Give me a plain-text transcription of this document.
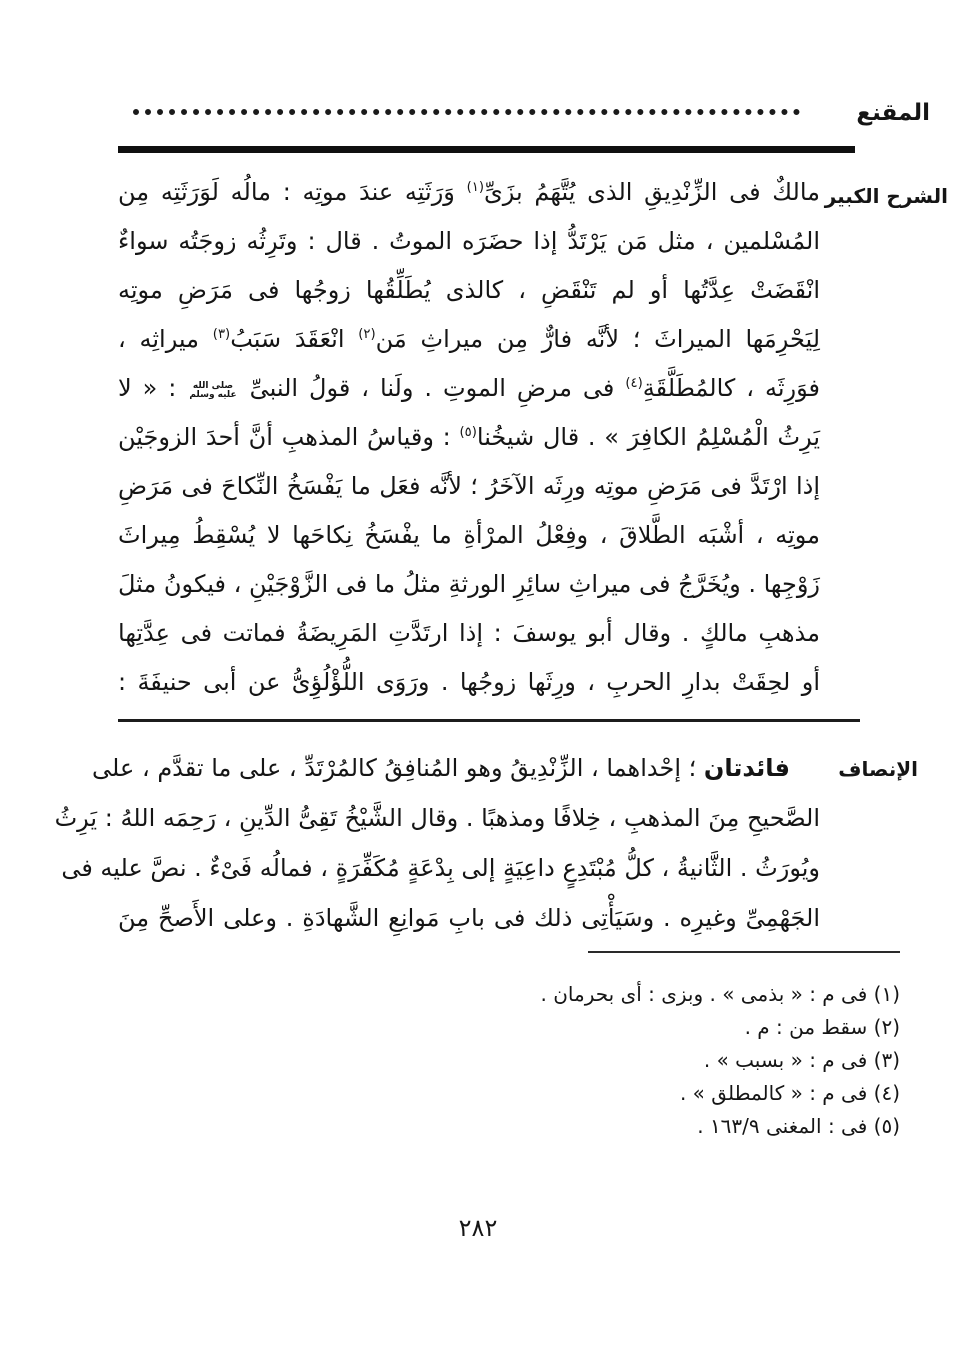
المقنع
الشرح الكبير
الإنصاف
مالكٌ فى الزِّنْدِيقِ الذى يُتَّهَمُ بزَىِّ$^{(١)}$ وَرَثَتِه عندَ موتِه : مالُه لَوَرَثَتِه مِن
المُسْلمين ، مثل مَن يَرْتَدُّ إذا حضَرَه الموتُ . قال : وتَرِثُه زوجَتُه سواءٌ
انْقَضَتْ عِدَّتُها أو لم تَنْقَضِ ، كالذى يُطَلِّقُها زوجُها فى مَرَضِ موتِه
لِيَحْرِمَها الميراثَ ؛ لأنَّه فارٌّ مِن ميراثِ مَن$^{(٢)}$ انْعَقَدَ سَبَبُ$^{(٣)}$ ميراثِه ،
فوَرِثَه ، كالمُطَلَّقَةِ$^{(٤)}$ فى مرضِ الموتِ . ولَنا ، قولُ النبىِّ
صلى الله
عليه وسلم
: « لا
يَرِثُ الْمُسْلِمُ الكافِرَ » . قال شيخُنا$^{(٥)}$ : وقياسُ المذهبِ أنَّ أحدَ الزوجَيْن
إذا ارْتَدَّ فى مَرَضِ موتِه ورِثَه الآخَرُ ؛ لأنَّه فعَل ما يَفْسَخُ النِّكاحَ فى مَرَضِ
موتِه ، أشْبَه الطَّلاقَ ، وفِعْلُ المرْأةِ ما يفْسَخُ نِكاحَها لا يُسْقِطُ مِيراثَ
زَوْجِها . ويُخَرَّجُ فى ميراثِ سائِرِ الورثةِ مثلُ ما فى الزَّوْجَيْنِ ، فيكونُ مثلَ
مذهبِ مالكٍ . وقال أبو يوسفَ : إذا ارتَدَّتِ المَرِيضَةُ فماتت فى عِدَّتِها
أو لحِقَتْ بدارِ الحربِ ، ورِثَها زوجُها . ورَوَى اللُّؤْلُؤِىُّ عن أبى حنيفَةَ :
فائدتان ؛ إحْداهما ، الزِّنْدِيقُ وهو المُنافِقُ كالمُرْتَدِّ ، على ما تقدَّم ، على
الصَّحيحِ مِنَ المذهبِ ، خِلافًا ومذهبًا . وقال الشَّيْخُ تَقِىُّ الدِّينِ ، رَحِمَه اللهُ : يَرِثُ
ويُورَثُ . الثَّانيةُ ، كلُّ مُبْتَدِعٍ داعِيَةٍ إلى بِدْعَةٍ مُكَفِّرَةٍ ، فمالُه فَىْءٌ . نصَّ عليه فى
الجَهْمِىِّ وغيرِه . وسَيَأْتِى ذلك فى بابِ مَوانِعِ الشَّهادَةِ . وعلى الأَصحِّ مِنَ
(١) فى م : « بذمى » . وبزى : أى بحرمان .
(٢) سقط من : م .
(٣) فى م : « بسبب » .
(٤) فى م : « كالمطلق » .
(٥) فى : المغنى ١٦٣/٩ .
٢٨٢
